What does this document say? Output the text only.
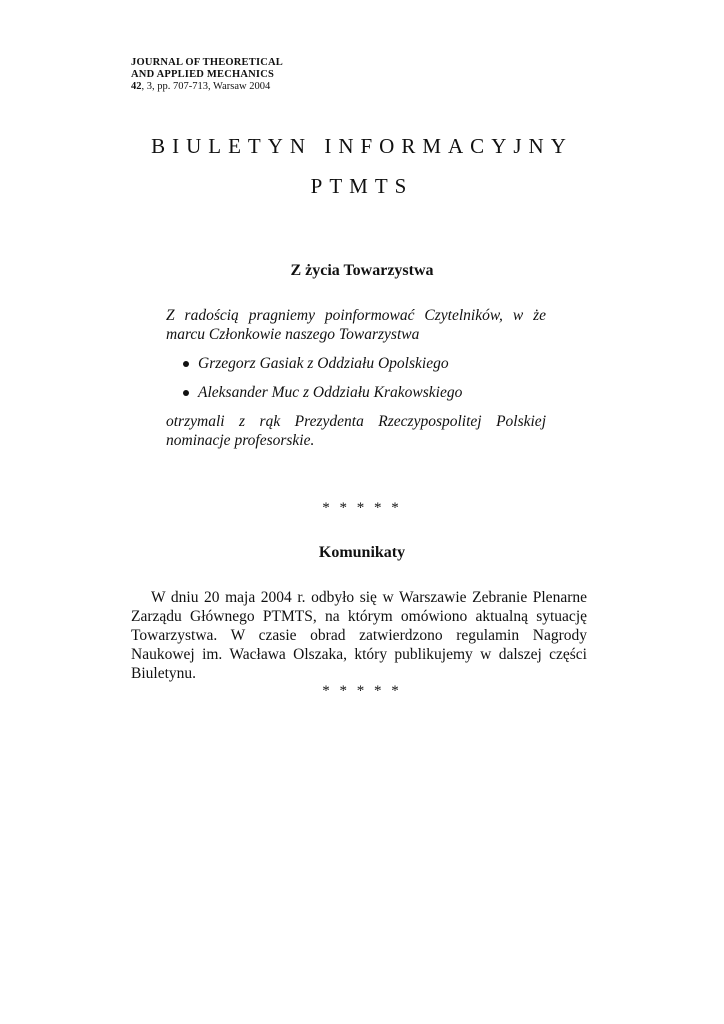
JOURNAL OF THEORETICAL
AND APPLIED MECHANICS
42, 3, pp. 707-713, Warsaw 2004
BIULETYN INFORMACYJNY
PTMTS
Z życia Towarzystwa

Z radością pragniemy poinformować Czytelników, w że marcu Członkowie naszego Towarzystwa

Grzegorz Gasiak z Oddziału Opolskiego
Aleksander Muc z Oddziału Krakowskiego

otrzymali z rąk Prezydenta Rzeczypospolitej Polskiej nominacje profesorskie.

* * * * *
Komunikaty
W dniu 20 maja 2004 r. odbyło się w Warszawie Zebranie Plenarne Zarządu Głównego PTMTS, na którym omówiono aktualną sytuację Towarzystwa. W czasie obrad zatwierdzono regulamin Nagrody Naukowej im. Wacława Olszaka, który publikujemy w dalszej części Biuletynu.
* * * * *
